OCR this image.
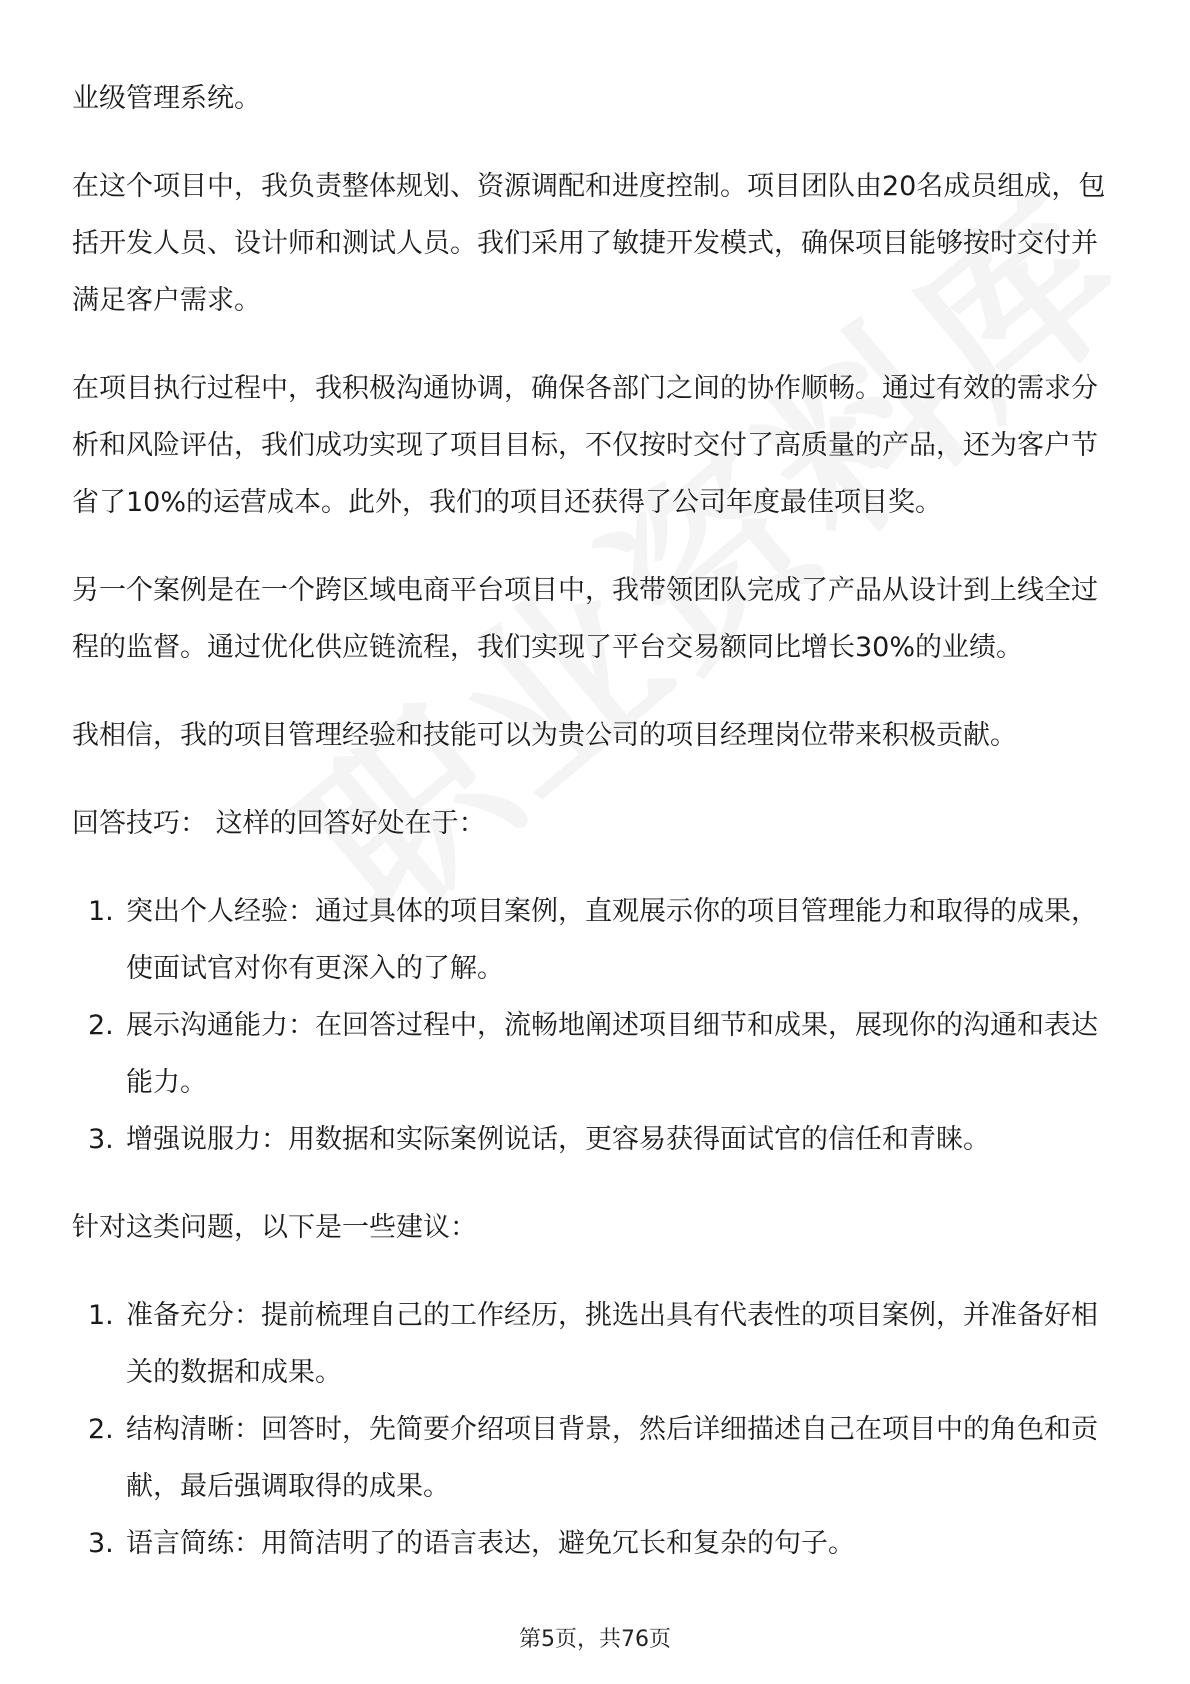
业级管理系统。

在这个项目中，我负责整体规划、资源调配和进度控制。项目团队由20名成员组成，包括开发人员、设计师和测试人员。我们采用了敏捷开发模式，确保项目能够按时交付并满足客户需求。

在项目执行过程中，我积极沟通协调，确保各部门之间的协作顺畅。通过有效的需求分析和风险评估，我们成功实现了项目目标，不仅按时交付了高质量的产品，还为客户节省了10%的运营成本。此外，我们的项目还获得了公司年度最佳项目奖。

另一个案例是在一个跨区域电商平台项目中，我带领团队完成了产品从设计到上线全过程的监督。通过优化供应链流程，我们实现了平台交易额同比增长30%的业绩。

我相信，我的项目管理经验和技能可以为贵公司的项目经理岗位带来积极贡献。

回答技巧： 这样的回答好处在于：

1. 突出个人经验：通过具体的项目案例，直观展示你的项目管理能力和取得的成果，使面试官对你有更深入的了解。
2. 展示沟通能力：在回答过程中，流畅地阐述项目细节和成果，展现你的沟通和表达能力。
3. 增强说服力：用数据和实际案例说话，更容易获得面试官的信任和青睐。

针对这类问题，以下是一些建议：

1. 准备充分：提前梳理自己的工作经历，挑选出具有代表性的项目案例，并准备好相关的数据和成果。
2. 结构清晰：回答时，先简要介绍项目背景，然后详细描述自己在项目中的角色和贡献，最后强调取得的成果。
3. 语言简练：用简洁明了的语言表达，避免冗长和复杂的句子。
第5页，共76页
